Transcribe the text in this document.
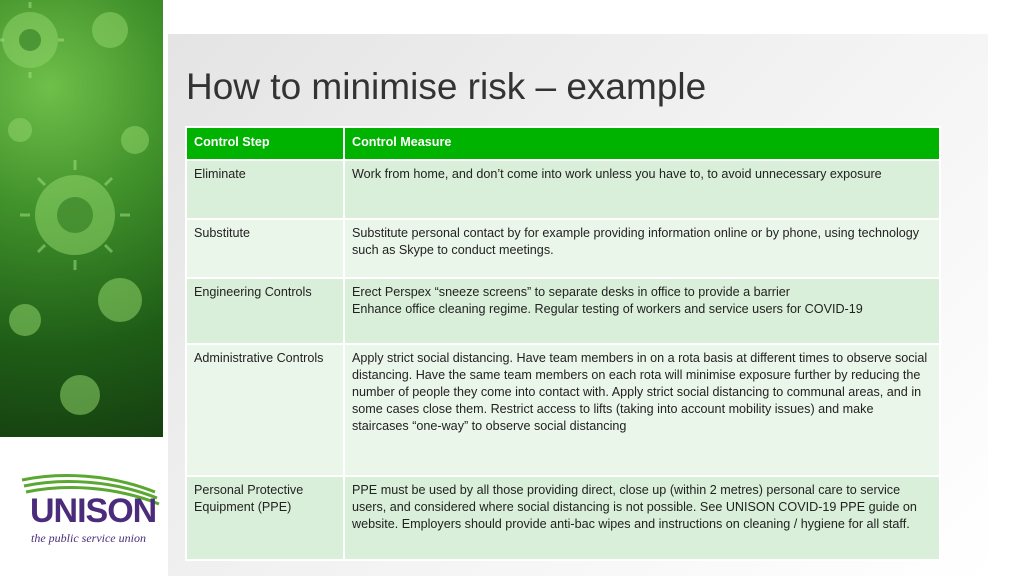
How to minimise risk – example
Control Step	Control Measure
Eliminate	Work from home, and don’t come into work unless you have to, to avoid unnecessary exposure
Substitute	Substitute personal contact by for example providing information online or by phone, using technology such as Skype to conduct meetings.
Engineering Controls	Erect Perspex “sneeze screens” to separate desks in office to provide a barrier
Enhance office cleaning regime. Regular testing of workers and service users for COVID-19

Administrative Controls	Apply strict social distancing. Have team members in on a rota basis at different times to observe social distancing. Have the same team members on each rota will minimise exposure further by reducing the number of people they come into contact with. Apply strict social distancing to communal areas, and in some cases close them. Restrict access to lifts (taking into account mobility issues) and make staircases “one-way” to observe social distancing
Personal Protective Equipment (PPE)	PPE must be used by all those providing direct, close up (within 2 metres) personal care to service users, and considered where social distancing is not possible. See UNISON COVID-19 PPE guide on website. Employers should provide anti-bac wipes and instructions on cleaning / hygiene for all staff.
UNISON
the public service union
